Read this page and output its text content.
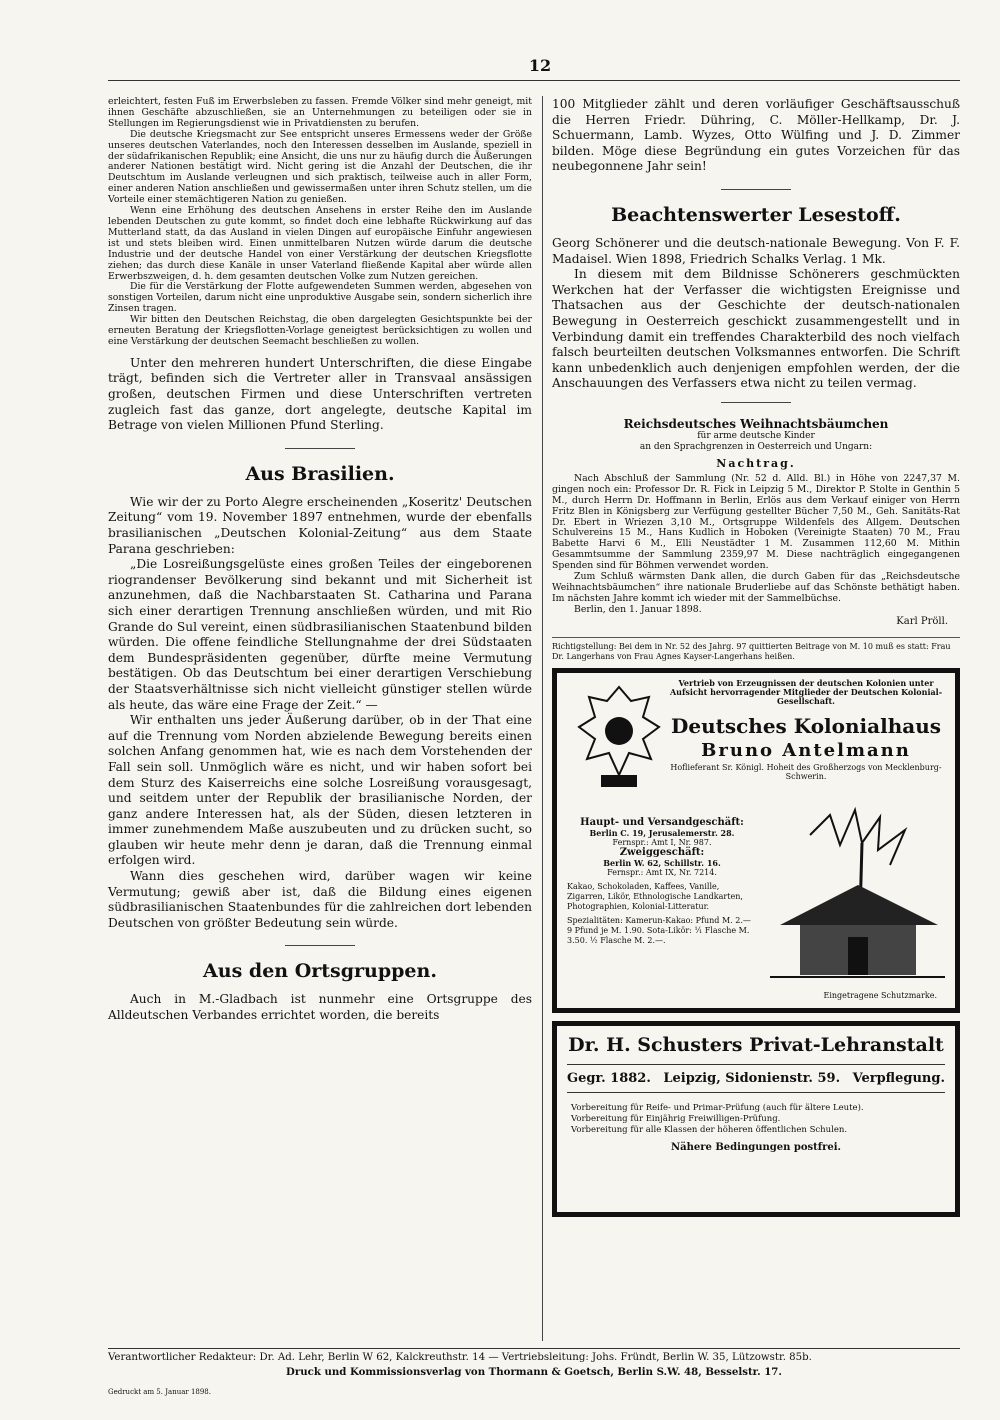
12

erleichtert, festen Fuß im Erwerbsleben zu fassen. Fremde Völker sind mehr geneigt, mit ihnen Geschäfte abzuschließen, sie an Unternehmungen zu beteiligen oder sie in Stellungen im Regierungsdienst wie in Privatdiensten zu berufen.

Die deutsche Kriegsmacht zur See entspricht unseres Ermessens weder der Größe unseres deutschen Vaterlandes, noch den Interessen desselben im Auslande, speziell in der südafrikanischen Republik; eine Ansicht, die uns nur zu häufig durch die Äußerungen anderer Nationen bestätigt wird. Nicht gering ist die Anzahl der Deutschen, die ihr Deutschtum im Auslande verleugnen und sich praktisch, teilweise auch in aller Form, einer anderen Nation anschließen und gewissermaßen unter ihren Schutz stellen, um die Vorteile einer stemächtigeren Nation zu genießen.

Wenn eine Erhöhung des deutschen Ansehens in erster Reihe den im Auslande lebenden Deutschen zu gute kommt, so findet doch eine lebhafte Rückwirkung auf das Mutterland statt, da das Ausland in vielen Dingen auf europäische Einfuhr angewiesen ist und stets bleiben wird. Einen unmittelbaren Nutzen würde darum die deutsche Industrie und der deutsche Handel von einer Verstärkung der deutschen Kriegsflotte ziehen; das durch diese Kanäle in unser Vaterland fließende Kapital aber würde allen Erwerbszweigen, d. h. dem gesamten deutschen Volke zum Nutzen gereichen.

Die für die Verstärkung der Flotte aufgewendeten Summen werden, abgesehen von sonstigen Vorteilen, darum nicht eine unproduktive Ausgabe sein, sondern sicherlich ihre Zinsen tragen.

Wir bitten den Deutschen Reichstag, die oben dargelegten Gesichtspunkte bei der erneuten Beratung der Kriegsflotten-Vorlage geneigtest berücksichtigen zu wollen und eine Verstärkung der deutschen Seemacht beschließen zu wollen.

Unter den mehreren hundert Unterschriften, die diese Eingabe trägt, befinden sich die Vertreter aller in Transvaal ansässigen großen, deutschen Firmen und diese Unterschriften vertreten zugleich fast das ganze, dort angelegte, deutsche Kapital im Betrage von vielen Millionen Pfund Sterling.

Aus Brasilien.

Wie wir der zu Porto Alegre erscheinenden „Koseritz' Deutschen Zeitung“ vom 19. November 1897 entnehmen, wurde der ebenfalls brasilianischen „Deutschen Kolonial-Zeitung“ aus dem Staate Parana geschrieben:

„Die Losreißungsgelüste eines großen Teiles der eingeborenen riograndenser Bevölkerung sind bekannt und mit Sicherheit ist anzunehmen, daß die Nachbarstaaten St. Catharina und Parana sich einer derartigen Trennung anschließen würden, und mit Rio Grande do Sul vereint, einen südbrasilianischen Staatenbund bilden würden. Die offene feindliche Stellungnahme der drei Südstaaten dem Bundespräsidenten gegenüber, dürfte meine Vermutung bestätigen. Ob das Deutschtum bei einer derartigen Verschiebung der Staatsverhältnisse sich nicht vielleicht günstiger stellen würde als heute, das wäre eine Frage der Zeit.“ —

Wir enthalten uns jeder Äußerung darüber, ob in der That eine auf die Trennung vom Norden abzielende Bewegung bereits einen solchen Anfang genommen hat, wie es nach dem Vorstehenden der Fall sein soll. Unmöglich wäre es nicht, und wir haben sofort bei dem Sturz des Kaiserreichs eine solche Losreißung vorausgesagt, und seitdem unter der Republik der brasilianische Norden, der ganz andere Interessen hat, als der Süden, diesen letzteren in immer zunehmendem Maße auszubeuten und zu drücken sucht, so glauben wir heute mehr denn je daran, daß die Trennung einmal erfolgen wird.

Wann dies geschehen wird, darüber wagen wir keine Vermutung; gewiß aber ist, daß die Bildung eines eigenen südbrasilianischen Staatenbundes für die zahlreichen dort lebenden Deutschen von größter Bedeutung sein würde.

Aus den Ortsgruppen.

Auch in M.-Gladbach ist nunmehr eine Ortsgruppe des Alldeutschen Verbandes errichtet worden, die bereits

100 Mitglieder zählt und deren vorläufiger Geschäftsausschuß die Herren Friedr. Dühring, C. Möller-Hellkamp, Dr. J. Schuermann, Lamb. Wyzes, Otto Wülfing und J. D. Zimmer bilden. Möge diese Begründung ein gutes Vorzeichen für das neubegonnene Jahr sein!

Beachtenswerter Lesestoff.

Georg Schönerer und die deutsch-nationale Bewegung. Von F. F. Madaisel. Wien 1898, Friedrich Schalks Verlag. 1 Mk.

In diesem mit dem Bildnisse Schönerers geschmückten Werkchen hat der Verfasser die wichtigsten Ereignisse und Thatsachen aus der Geschichte der deutsch-nationalen Bewegung in Oesterreich geschickt zusammengestellt und in Verbindung damit ein treffendes Charakterbild des noch vielfach falsch beurteilten deutschen Volksmannes entworfen. Die Schrift kann unbedenklich auch denjenigen empfohlen werden, der die Anschauungen des Verfassers etwa nicht zu teilen vermag.

Reichsdeutsches Weihnachtsbäumchen

für arme deutsche Kinder

an den Sprachgrenzen in Oesterreich und Ungarn:

Nachtrag.

Nach Abschluß der Sammlung (Nr. 52 d. Alld. Bl.) in Höhe von 2247,37 M. gingen noch ein: Professor Dr. R. Fick in Leipzig 5 M., Direktor P. Stolte in Genthin 5 M., durch Herrn Dr. Hoffmann in Berlin, Erlös aus dem Verkauf einiger von Herrn Fritz Blen in Königsberg zur Verfügung gestellter Bücher 7,50 M., Geh. Sanitäts-Rat Dr. Ebert in Wriezen 3,10 M., Ortsgruppe Wildenfels des Allgem. Deutschen Schulvereins 15 M., Hans Kudlich in Hoboken (Vereinigte Staaten) 70 M., Frau Babette Harvi 6 M., Elli Neustädter 1 M. Zusammen 112,60 M. Mithin Gesammtsumme der Sammlung 2359,97 M. Diese nachträglich eingegangenen Spenden sind für Böhmen verwendet worden.

Zum Schluß wärmsten Dank allen, die durch Gaben für das „Reichsdeutsche Weihnachtsbäumchen“ ihre nationale Bruderliebe auf das Schönste bethätigt haben. Im nächsten Jahre kommt ich wieder mit der Sammelbüchse.

Berlin, den 1. Januar 1898.

Karl Pröll.

Richtigstellung: Bei dem in Nr. 52 des Jahrg. 97 quittierten Beitrage von M. 10 muß es statt: Frau Dr. Langerhans von Frau Agnes Kayser-Langerhans heißen.

Vertrieb von Erzeugnissen der deutschen Kolonien unter Aufsicht hervorragender Mitglieder der Deutschen Kolonial-Gesellschaft.
Deutsches Kolonialhaus
Bruno Antelmann
Hoflieferant Sr. Königl. Hoheit des Großherzogs von Mecklenburg-Schwerin.

Haupt- und Versandgeschäft:

Berlin C. 19, Jerusalemerstr. 28.

Fernspr.: Amt I, Nr. 987.

Zweiggeschäft:

Berlin W. 62, Schillstr. 16.

Fernspr.: Amt IX, Nr. 7214.

Kakao, Schokoladen, Kaffees, Vanille, Zigarren, Likör, Ethnologische Landkarten, Photographien, Kolonial-Litteratur.

Spezialitäten: Kamerun-Kakao: Pfund M. 2.— 9 Pfund je M. 1.90. Sota-Likör: ⅟₁ Flasche M. 3.50. ½ Flasche M. 2.—.

Eingetragene Schutzmarke.
Dr. H. Schusters Privat-Lehranstalt
Gegr. 1882. Leipzig, Sidonienstr. 59. Verpflegung.
Vorbereitung für Reife- und Primar-Prüfung (auch für ältere Leute).
Vorbereitung für Einjährig Freiwilligen-Prüfung.
Vorbereitung für alle Klassen der höheren öffentlichen Schulen.
Nähere Bedingungen postfrei.
Verantwortlicher Redakteur: Dr. Ad. Lehr, Berlin W 62, Kalckreuthstr. 14 — Vertriebsleitung: Johs. Fründt, Berlin W. 35, Lützowstr. 85b.
Druck und Kommissionsverlag von Thormann & Goetsch, Berlin S.W. 48, Besselstr. 17.
Gedruckt am 5. Januar 1898.
